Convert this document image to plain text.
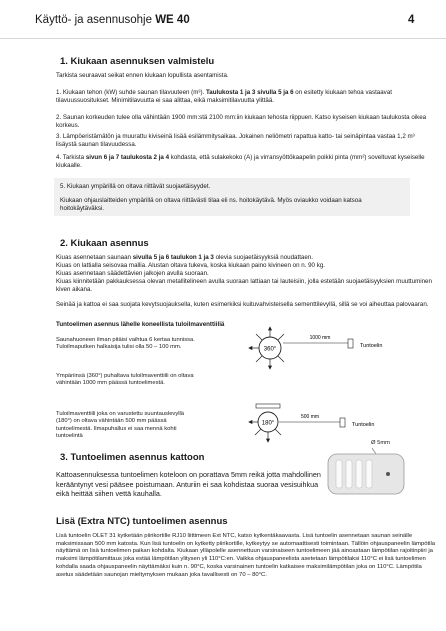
Käyttö- ja asennusohje WE 40	4
1. Kiukaan asennuksen valmistelu
Tarkista seuraavat seikat ennen kiukaan lopullista asentamista.
1. Kiukaan tehon (kW) suhde saunan tilavuuteen (m³). Taulukosta 1 ja 3 sivulla 5 ja 6 on esitetty kiukaan tehoa vastaavat tilavuussuositukset. Minimitilavuutta ei saa alittaa, eikä maksimitilavuutta ylittää.
2. Saunan korkeuden tulee olla vähintään 1900 mm:stä 2100 mm:iin kiukaan tehosta riippuen. Katso kyseisen kiukaan taulukosta oikea korkeus.
3. Lämpöeristämätön ja muurattu kiviseinä lisää esilämmitysaikaa. Jokainen neliömetri rapattua katto- tai seinäpintaa vastaa 1,2 m³ lisäystä saunan tilavuudessa.
4. Tarkista sivun 6 ja 7 taulukosta 2 ja 4 kohdasta, että sulakekoko (A) ja virransyöttökaapelin poikki pinta (mm²) soveltuvat kyseiselle kiukaalle.
5. Kiukaan ympärillä on oltava riittävät suojaetäisyydet.
Kiukaan ohjauslaitteiden ympärillä on oltava riittävästi tilaa eli ns. hoitokäytävä. Myös oviaukko voidaan katsoa hoitokäytäväksi.
2. Kiukaan asennus
Kiuas asennetaan saunaan sivulla 5 ja 6 taulukon 1 ja 3 olevia suojaetäisyyksiä noudattaen.
Kiuas on lattialla seisovaa mallia. Alustan oltava tukeva, koska kiukaan paino kivineen on n. 90 kg.
Kiuas asennetaan säädettävien jalkojen avulla suoraan.
Kiuas kiinnitetään pakkauksessa olevan metallitelineen avulla suoraan lattiaan tai lauteisiin, jolla estetään suojaetäisyyksien muuttuminen kiven aikana.
Seinää ja kattoa ei saa suojata kevytsuojauksella, kuten esimerkiksi kuituvahvisteisella sementtilevyllä, sillä se voi aiheuttaa palovaaran.
Tuntoelimen asennus lähelle koneellista tuloilmaventtiiliä
Saunahuoneen ilman pitäisi vaihtua 6 kertaa tunnissa. Tuloilmaputken halkaisija tulisi olla 50 – 100 mm.
Ympäriinsä (360°) puhaltava tuloilmaventtiili on oltava vähintään 1000 mm päässä tuntoelimestä.
Tuloilmaventtiili joka on varustettu suuntauslevyllä (180°) on oltava vähintään 500 mm päässä tuntoelimestä. Ilmapuhallus ei saa mennä kohti tuntoelintä
360°
1000 mm
Tuntoelin
180°
500 mm
Tuntoelin
3. Tuntoelimen asennus kattoon
Kattoasennuksessa tuntoelimen koteloon on porattava 5mm reikä jotta mahdollinen kerääntynyt vesi pääsee poistumaan. Anturiin ei saa kohdistaa suoraa vesisuihkua eikä heittää siihen vettä kauhalla.
Ø 5mm
Lisä (Extra NTC) tuntoelimen asennus
Lisä tuntoelin OLET 31 kytketään piirikortille RJ10 liittimeen Ext NTC, katso kytkentäkaavasta. Lisä tuntoelin asennetaan saunan seinälle maksimissaan 500 mm katosta. Kun lisä tuntoelin on kytketty piirikortille, kytkeytyy se automaattisesti toimintaan. Tällöin ohjauspaneelin lämpötila näyttämä on lisä tuntoelimen paikan kohdalta. Kiukaan ylläpolelle asennettuun varsinaiseen tuntoelimeen jää ainoastaan lämpötilan rajoitinpiiri ja maksimi lämpötilamittaus joka estää lämpötilan ylitysen yli 110°C:en. Vaikka ohjauspaneelista asetetaan lämpötilaksi 110°C ei lisä tuntoelimen kohdalla saada ohjauspaneelin näyttämäksi kuin n. 90°C, koska varsinainen tuntoelin katkaisee maksimilämpötilan joka on 110°C. Lämpötila asetus säädetään saunojan mieltymyksen mukaan joka tavallisesti on 70 – 80°C.
